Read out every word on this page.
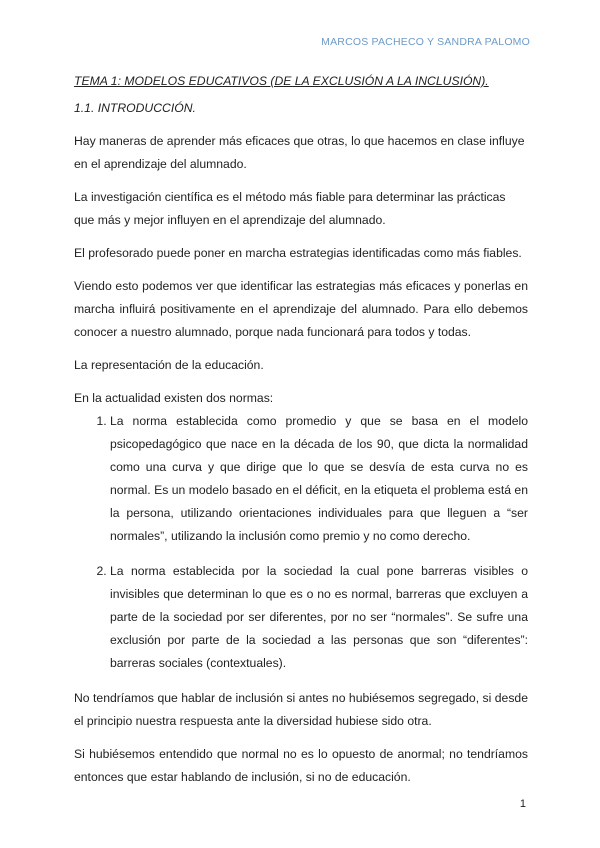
MARCOS PACHECO Y SANDRA PALOMO
TEMA 1: MODELOS EDUCATIVOS (DE LA EXCLUSIÓN A LA INCLUSIÓN).
1.1. INTRODUCCIÓN.

Hay maneras de aprender más eficaces que otras, lo que hacemos en clase influye en el aprendizaje del alumnado.

La investigación científica es el método más fiable para determinar las prácticas que más y mejor influyen en el aprendizaje del alumnado.

El profesorado puede poner en marcha estrategias identificadas como más fiables.

Viendo esto podemos ver que identificar las estrategias más eficaces y ponerlas en marcha influirá positivamente en el aprendizaje del alumnado. Para ello debemos conocer a nuestro alumnado, porque nada funcionará para todos y todas.

La representación de la educación.

En la actualidad existen dos normas:

1. La norma establecida como promedio y que se basa en el modelo psicopedagógico que nace en la década de los 90, que dicta la normalidad como una curva y que dirige que lo que se desvía de esta curva no es normal. Es un modelo basado en el déficit, en la etiqueta el problema está en la persona, utilizando orientaciones individuales para que lleguen a “ser normales”, utilizando la inclusión como premio y no como derecho.
2. La norma establecida por la sociedad la cual pone barreras visibles o invisibles que determinan lo que es o no es normal, barreras que excluyen a parte de la sociedad por ser diferentes, por no ser “normales”. Se sufre una exclusión por parte de la sociedad a las personas que son “diferentes”: barreras sociales (contextuales).

No tendríamos que hablar de inclusión si antes no hubiésemos segregado, si desde el principio nuestra respuesta ante la diversidad hubiese sido otra.

Si hubiésemos entendido que normal no es lo opuesto de anormal; no tendríamos entonces que estar hablando de inclusión, si no de educación.

1
